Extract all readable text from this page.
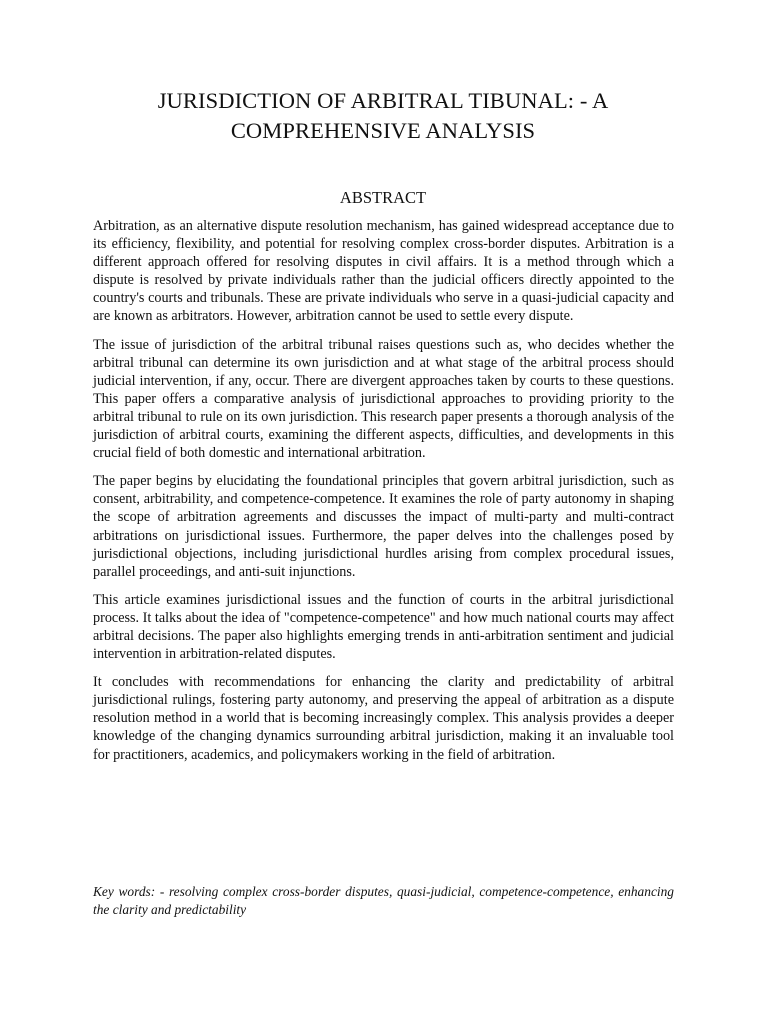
JURISDICTION OF ARBITRAL TIBUNAL: - A
COMPREHENSIVE ANALYSIS
ABSTRACT

Arbitration, as an alternative dispute resolution mechanism, has gained widespread acceptance due to its efficiency, flexibility, and potential for resolving complex cross-border disputes. Arbitration is a different approach offered for resolving disputes in civil affairs. It is a method through which a dispute is resolved by private individuals rather than the judicial officers directly appointed to the country's courts and tribunals. These are private individuals who serve in a quasi-judicial capacity and are known as arbitrators. However, arbitration cannot be used to settle every dispute.

The issue of jurisdiction of the arbitral tribunal raises questions such as, who decides whether the arbitral tribunal can determine its own jurisdiction and at what stage of the arbitral process should judicial intervention, if any, occur. There are divergent approaches taken by courts to these questions. This paper offers a comparative analysis of jurisdictional approaches to providing priority to the arbitral tribunal to rule on its own jurisdiction. This research paper presents a thorough analysis of the jurisdiction of arbitral courts, examining the different aspects, difficulties, and developments in this crucial field of both domestic and international arbitration.

The paper begins by elucidating the foundational principles that govern arbitral jurisdiction, such as consent, arbitrability, and competence-competence. It examines the role of party autonomy in shaping the scope of arbitration agreements and discusses the impact of multi-party and multi-contract arbitrations on jurisdictional issues. Furthermore, the paper delves into the challenges posed by jurisdictional objections, including jurisdictional hurdles arising from complex procedural issues, parallel proceedings, and anti-suit injunctions.

This article examines jurisdictional issues and the function of courts in the arbitral jurisdictional process. It talks about the idea of "competence-competence" and how much national courts may affect arbitral decisions. The paper also highlights emerging trends in anti-arbitration sentiment and judicial intervention in arbitration-related disputes.

It concludes with recommendations for enhancing the clarity and predictability of arbitral jurisdictional rulings, fostering party autonomy, and preserving the appeal of arbitration as a dispute resolution method in a world that is becoming increasingly complex. This analysis provides a deeper knowledge of the changing dynamics surrounding arbitral jurisdiction, making it an invaluable tool for practitioners, academics, and policymakers working in the field of arbitration.

Key words: - resolving complex cross-border disputes, quasi-judicial, competence-competence, enhancing the clarity and predictability
